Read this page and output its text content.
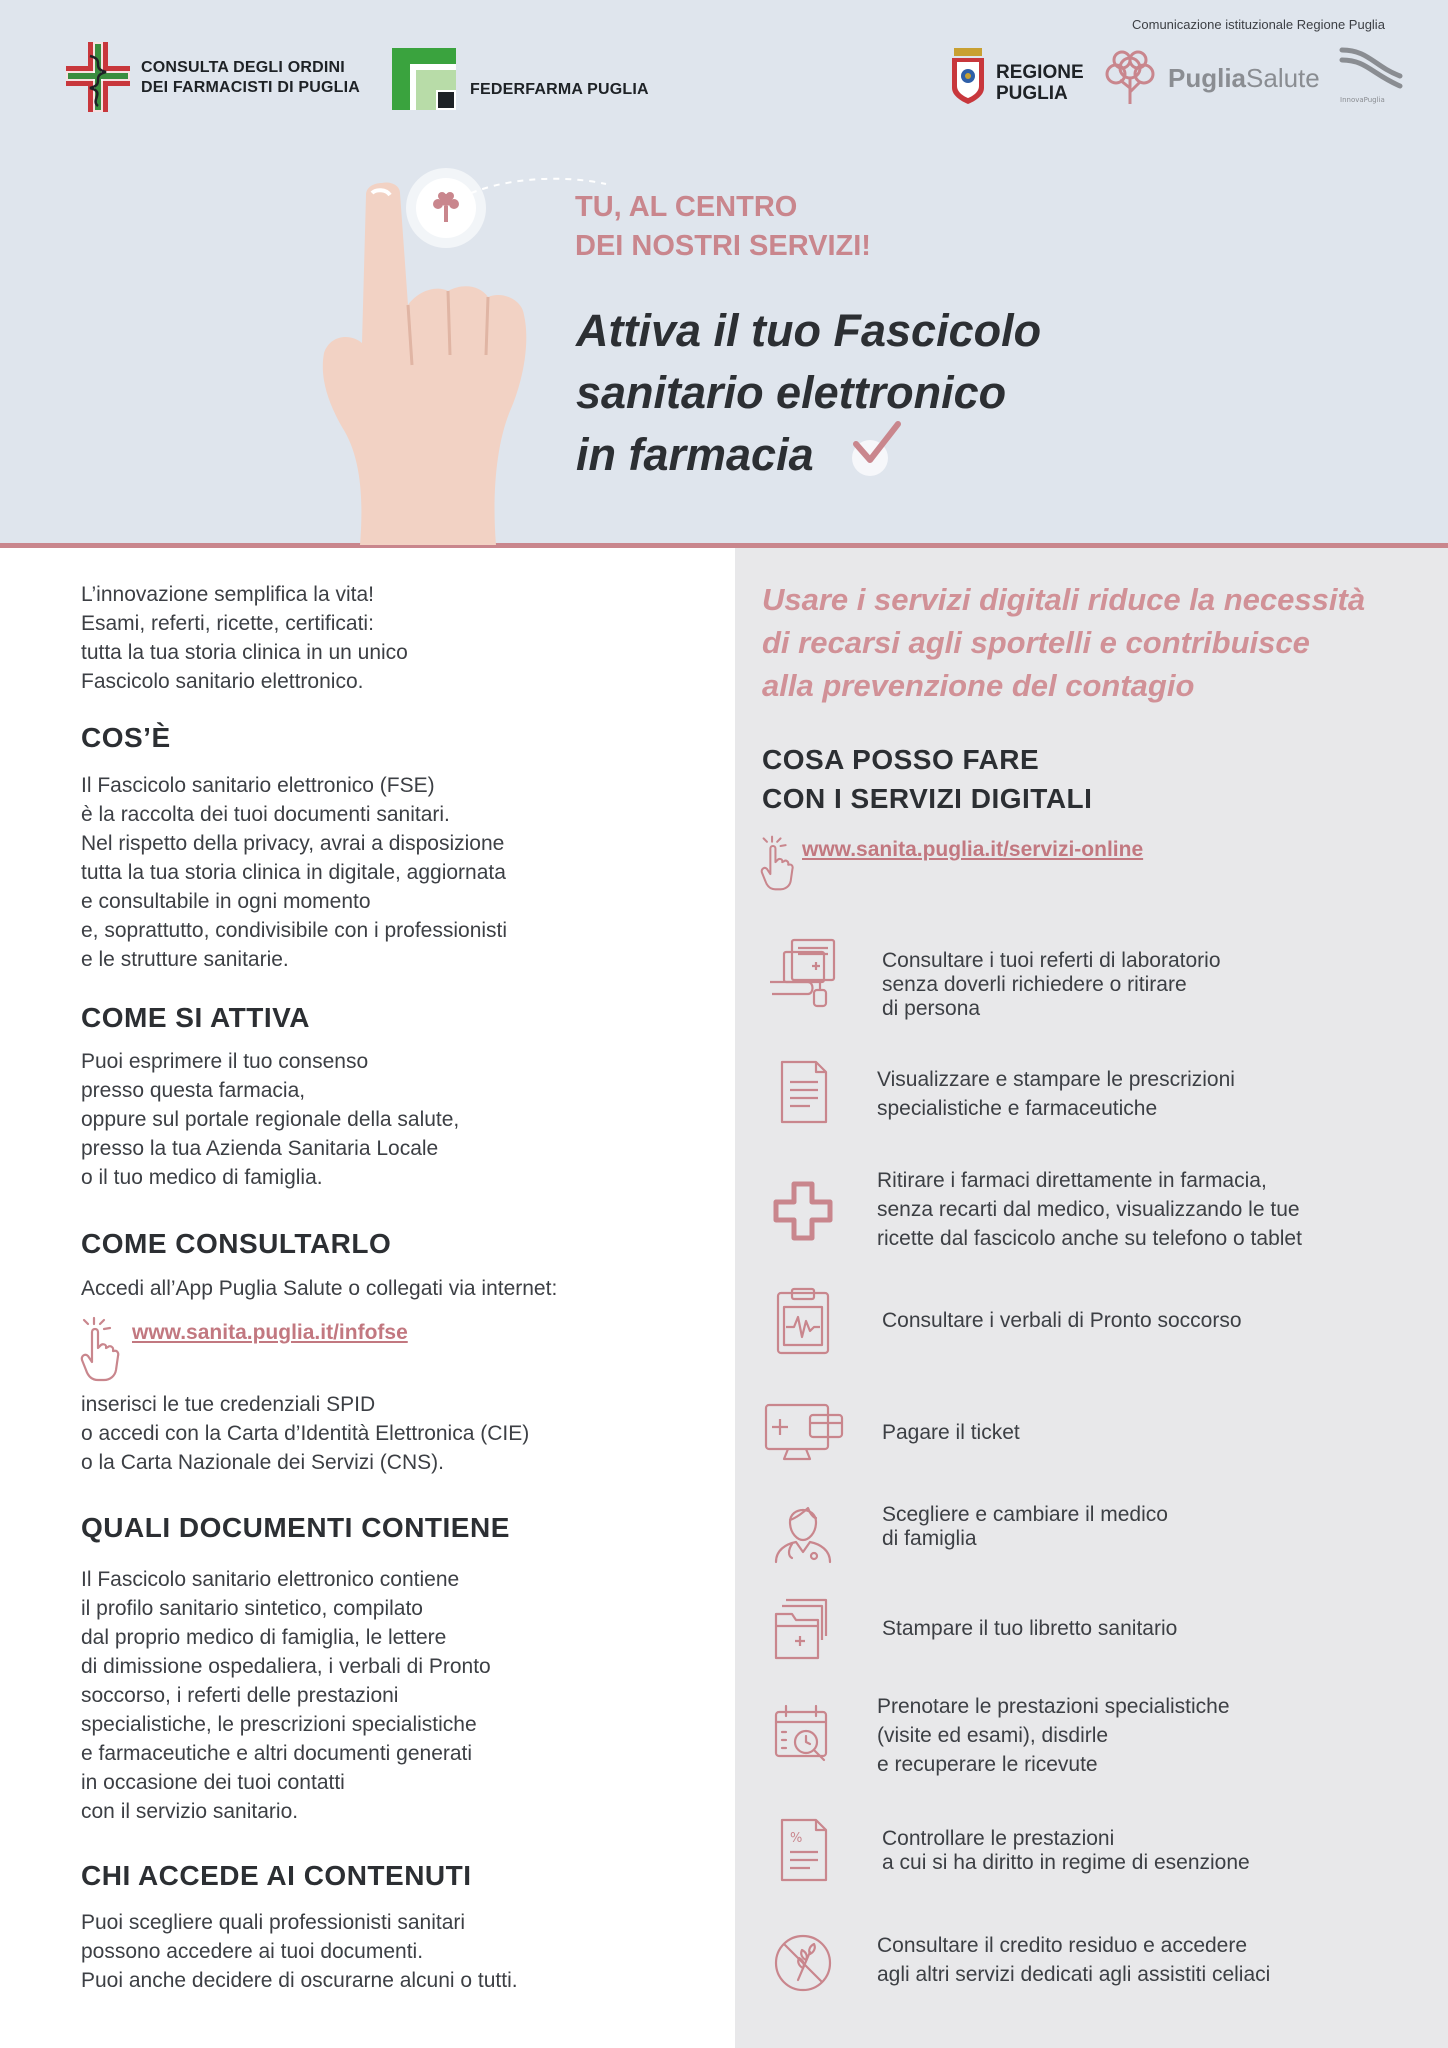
CONSULTA DEGLI ORDINI
DEI FARMACISTI DI PUGLIA	FEDERFARMA PUGLIA
Comunicazione istituzionale Regione Puglia
REGIONE
PUGLIA
PugliaSalute
InnovaPuglia
TU, AL CENTRO
DEI NOSTRI SERVIZI!
Attiva il tuo Fascicolo
sanitario elettronico
in farmacia

L’innovazione semplifica la vita!

Esami, referti, ricette, certificati:

tutta la tua storia clinica in un unico

Fascicolo sanitario elettronico.

COS’È

Il Fascicolo sanitario elettronico (FSE)

è la raccolta dei tuoi documenti sanitari.

Nel rispetto della privacy, avrai a disposizione

tutta la tua storia clinica in digitale, aggiornata

e consultabile in ogni momento

e, soprattutto, condivisibile con i professionisti

e le strutture sanitarie.

COME SI ATTIVA

Puoi esprimere il tuo consenso

presso questa farmacia,

oppure sul portale regionale della salute,

presso la tua Azienda Sanitaria Locale

o il tuo medico di famiglia.

COME CONSULTARLO
Accedi all’App Puglia Salute o collegati via internet:
www.sanita.puglia.it/infofse

inserisci le tue credenziali SPID

o accedi con la Carta d’Identità Elettronica (CIE)

o la Carta Nazionale dei Servizi (CNS).

QUALI DOCUMENTI CONTIENE

Il Fascicolo sanitario elettronico contiene

il profilo sanitario sintetico, compilato

dal proprio medico di famiglia, le lettere

di dimissione ospedaliera, i verbali di Pronto

soccorso, i referti delle prestazioni

specialistiche, le prescrizioni specialistiche

e farmaceutiche e altri documenti generati

in occasione dei tuoi contatti

con il servizio sanitario.

CHI ACCEDE AI CONTENUTI

Puoi scegliere quali professionisti sanitari

possono accedere ai tuoi documenti.

Puoi anche decidere di oscurarne alcuni o tutti.

Usare i servizi digitali riduce la necessità
di recarsi agli sportelli e contribuisce
alla prevenzione del contagio
COSA POSSO FARE
CON I SERVIZI DIGITALI
www.sanita.puglia.it/servizi-online
Consultare i tuoi referti di laboratorio
senza doverli richiedere o ritirare
di persona
Visualizzare e stampare le prescrizioni
specialistiche e farmaceutiche
Ritirare i farmaci direttamente in farmacia,
senza recarti dal medico, visualizzando le tue
ricette dal fascicolo anche su telefono o tablet
Consultare i verbali di Pronto soccorso
Pagare il ticket
Scegliere e cambiare il medico
di famiglia
Stampare il tuo libretto sanitario
Prenotare le prestazioni specialistiche
(visite ed esami), disdirle
e recuperare le ricevute
%	Controllare le prestazioni
a cui si ha diritto in regime di esenzione
Consultare il credito residuo e accedere
agli altri servizi dedicati agli assistiti celiaci
